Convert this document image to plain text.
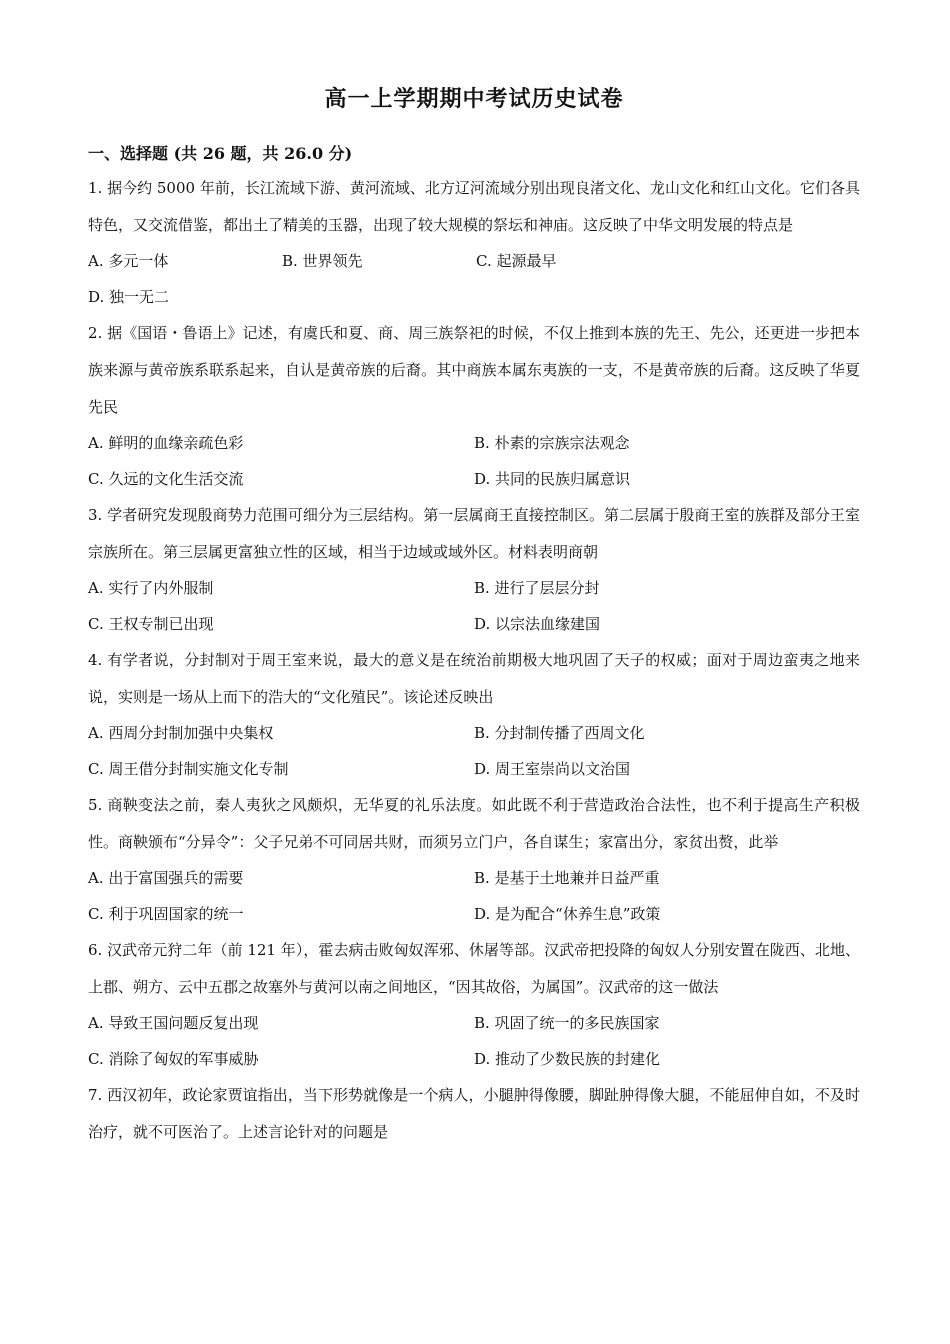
高一上学期期中考试历史试卷
一、选择题 (共 26 题，共 26.0 分)

1. 据今约 5000 年前，长江流域下游、黄河流域、北方辽河流域分别出现良渚文化、龙山文化和红山文化。它们各具特色，又交流借鉴，都出土了精美的玉器，出现了较大规模的祭坛和神庙。这反映了中华文明发展的特点是

A. 多元一体	B. 世界领先	C. 起源最早
D. 独一无二

2. 据《国语・鲁语上》记述，有虞氏和夏、商、周三族祭祀的时候，不仅上推到本族的先王、先公，还更进一步把本族来源与黄帝族系联系起来，自认是黄帝族的后裔。其中商族本属东夷族的一支，不是黄帝族的后裔。这反映了华夏先民

A. 鲜明的血缘亲疏色彩	B. 朴素的宗族宗法观念
C. 久远的文化生活交流	D. 共同的民族归属意识

3. 学者研究发现殷商势力范围可细分为三层结构。第一层属商王直接控制区。第二层属于殷商王室的族群及部分王室宗族所在。第三层属更富独立性的区域，相当于边域或域外区。材料表明商朝

A. 实行了内外服制	B. 进行了层层分封
C. 王权专制已出现	D. 以宗法血缘建国

4. 有学者说，分封制对于周王室来说，最大的意义是在统治前期极大地巩固了天子的权威；面对于周边蛮夷之地来说，实则是一场从上而下的浩大的“文化殖民”。该论述反映出

A. 西周分封制加强中央集权	B. 分封制传播了西周文化
C. 周王借分封制实施文化专制	D. 周王室崇尚以文治国

5. 商鞅变法之前，秦人夷狄之风颇炽，无华夏的礼乐法度。如此既不利于营造政治合法性，也不利于提高生产积极性。商鞅颁布“分异令”：父子兄弟不可同居共财，而须另立门户，各自谋生；家富出分，家贫出赘，此举

A. 出于富国强兵的需要	B. 是基于土地兼并日益严重
C. 利于巩固国家的统一	D. 是为配合“休养生息”政策

6. 汉武帝元狩二年（前 121 年），霍去病击败匈奴浑邪、休屠等部。汉武帝把投降的匈奴人分别安置在陇西、北地、上郡、朔方、云中五郡之故塞外与黄河以南之间地区，“因其故俗，为属国”。汉武帝的这一做法

A. 导致王国问题反复出现	B. 巩固了统一的多民族国家
C. 消除了匈奴的军事威胁	D. 推动了少数民族的封建化

7. 西汉初年，政论家贾谊指出，当下形势就像是一个病人，小腿肿得像腰，脚趾肿得像大腿，不能屈伸自如，不及时治疗，就不可医治了。上述言论针对的问题是
